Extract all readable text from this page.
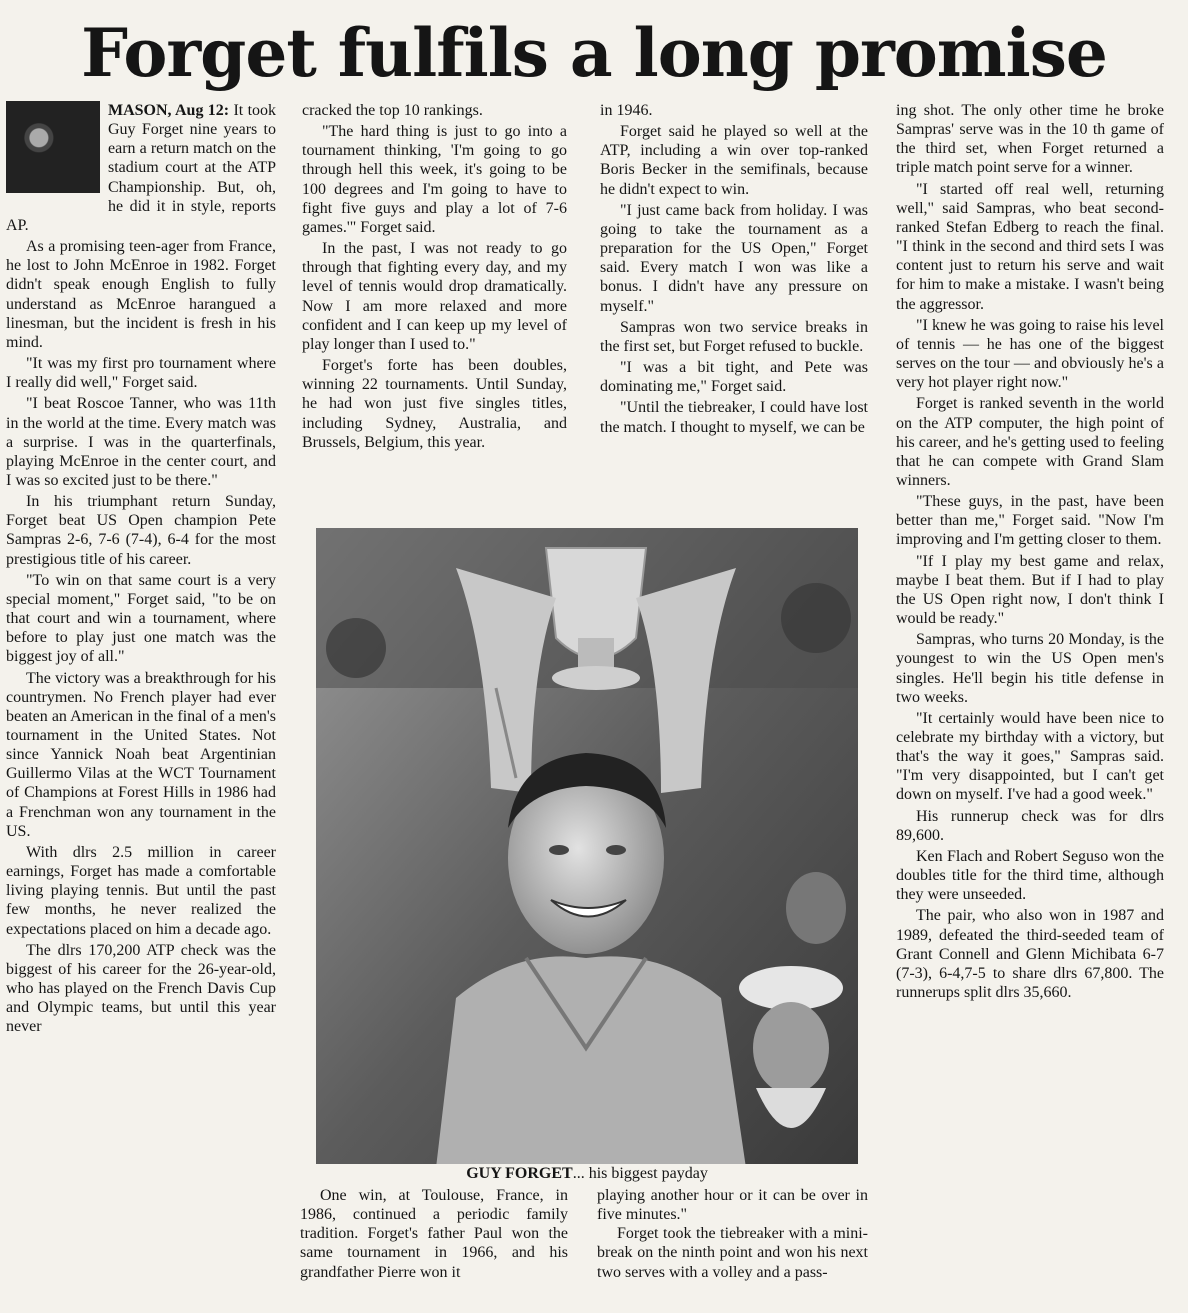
Forget fulfils a long promise

MASON, Aug 12: It took Guy Forget nine years to earn a return match on the stadium court at the ATP Championship. But, oh, he did it in style, reports AP.

As a promising teen-ager from France, he lost to John McEnroe in 1982. Forget didn't speak enough English to fully understand as McEnroe harangued a linesman, but the incident is fresh in his mind.

"It was my first pro tournament where I really did well," Forget said.

"I beat Roscoe Tanner, who was 11th in the world at the time. Every match was a surprise. I was in the quarterfinals, playing McEnroe in the center court, and I was so excited just to be there."

In his triumphant return Sunday, Forget beat US Open champion Pete Sampras 2-6, 7-6 (7-4), 6-4 for the most prestigious title of his career.

"To win on that same court is a very special moment," Forget said, "to be on that court and win a tournament, where before to play just one match was the biggest joy of all."

The victory was a breakthrough for his countrymen. No French player had ever beaten an American in the final of a men's tournament in the United States. Not since Yannick Noah beat Argentinian Guillermo Vilas at the WCT Tournament of Champions at Forest Hills in 1986 had a Frenchman won any tournament in the US.

With dlrs 2.5 million in career earnings, Forget has made a comfortable living playing tennis. But until the past few months, he never realized the expectations placed on him a decade ago.

The dlrs 170,200 ATP check was the biggest of his career for the 26-year-old, who has played on the French Davis Cup and Olympic teams, but until this year never

cracked the top 10 rankings.

"The hard thing is just to go into a tournament thinking, 'I'm going to go through hell this week, it's going to be 100 degrees and I'm going to have to fight five guys and play a lot of 7-6 games.'" Forget said.

In the past, I was not ready to go through that fighting every day, and my level of tennis would drop dramatically. Now I am more relaxed and more confident and I can keep up my level of play longer than I used to."

Forget's forte has been doubles, winning 22 tournaments. Until Sunday, he had won just five singles titles, including Sydney, Australia, and Brussels, Belgium, this year.

in 1946.

Forget said he played so well at the ATP, including a win over top-ranked Boris Becker in the semifinals, because he didn't expect to win.

"I just came back from holiday. I was going to take the tournament as a preparation for the US Open," Forget said. Every match I won was like a bonus. I didn't have any pressure on myself."

Sampras won two service breaks in the first set, but Forget refused to buckle.

"I was a bit tight, and Pete was dominating me," Forget said.

"Until the tiebreaker, I could have lost the match. I thought to myself, we can be

ing shot. The only other time he broke Sampras' serve was in the 10 th game of the third set, when Forget returned a triple match point serve for a winner.

"I started off real well, returning well," said Sampras, who beat second-ranked Stefan Edberg to reach the final. "I think in the second and third sets I was content just to return his serve and wait for him to make a mistake. I wasn't being the aggressor.

"I knew he was going to raise his level of tennis — he has one of the biggest serves on the tour — and obviously he's a very hot player right now."

Forget is ranked seventh in the world on the ATP computer, the high point of his career, and he's getting used to feeling that he can compete with Grand Slam winners.

"These guys, in the past, have been better than me," Forget said. "Now I'm improving and I'm getting closer to them.

"If I play my best game and relax, maybe I beat them. But if I had to play the US Open right now, I don't think I would be ready."

Sampras, who turns 20 Monday, is the youngest to win the US Open men's singles. He'll begin his title defense in two weeks.

"It certainly would have been nice to celebrate my birthday with a victory, but that's the way it goes," Sampras said. "I'm very disappointed, but I can't get down on myself. I've had a good week."

His runnerup check was for dlrs 89,600.

Ken Flach and Robert Seguso won the doubles title for the third time, although they were unseeded.

The pair, who also won in 1987 and 1989, defeated the third-seeded team of Grant Connell and Glenn Michibata 6-7 (7-3), 6-4,7-5 to share dlrs 67,800. The runnerups split dlrs 35,660.

GUY FORGET... his biggest payday

One win, at Toulouse, France, in 1986, continued a periodic family tradition. Forget's father Paul won the same tournament in 1966, and his grandfather Pierre won it

playing another hour or it can be over in five minutes."

Forget took the tiebreaker with a mini-break on the ninth point and won his next two serves with a volley and a pass-
